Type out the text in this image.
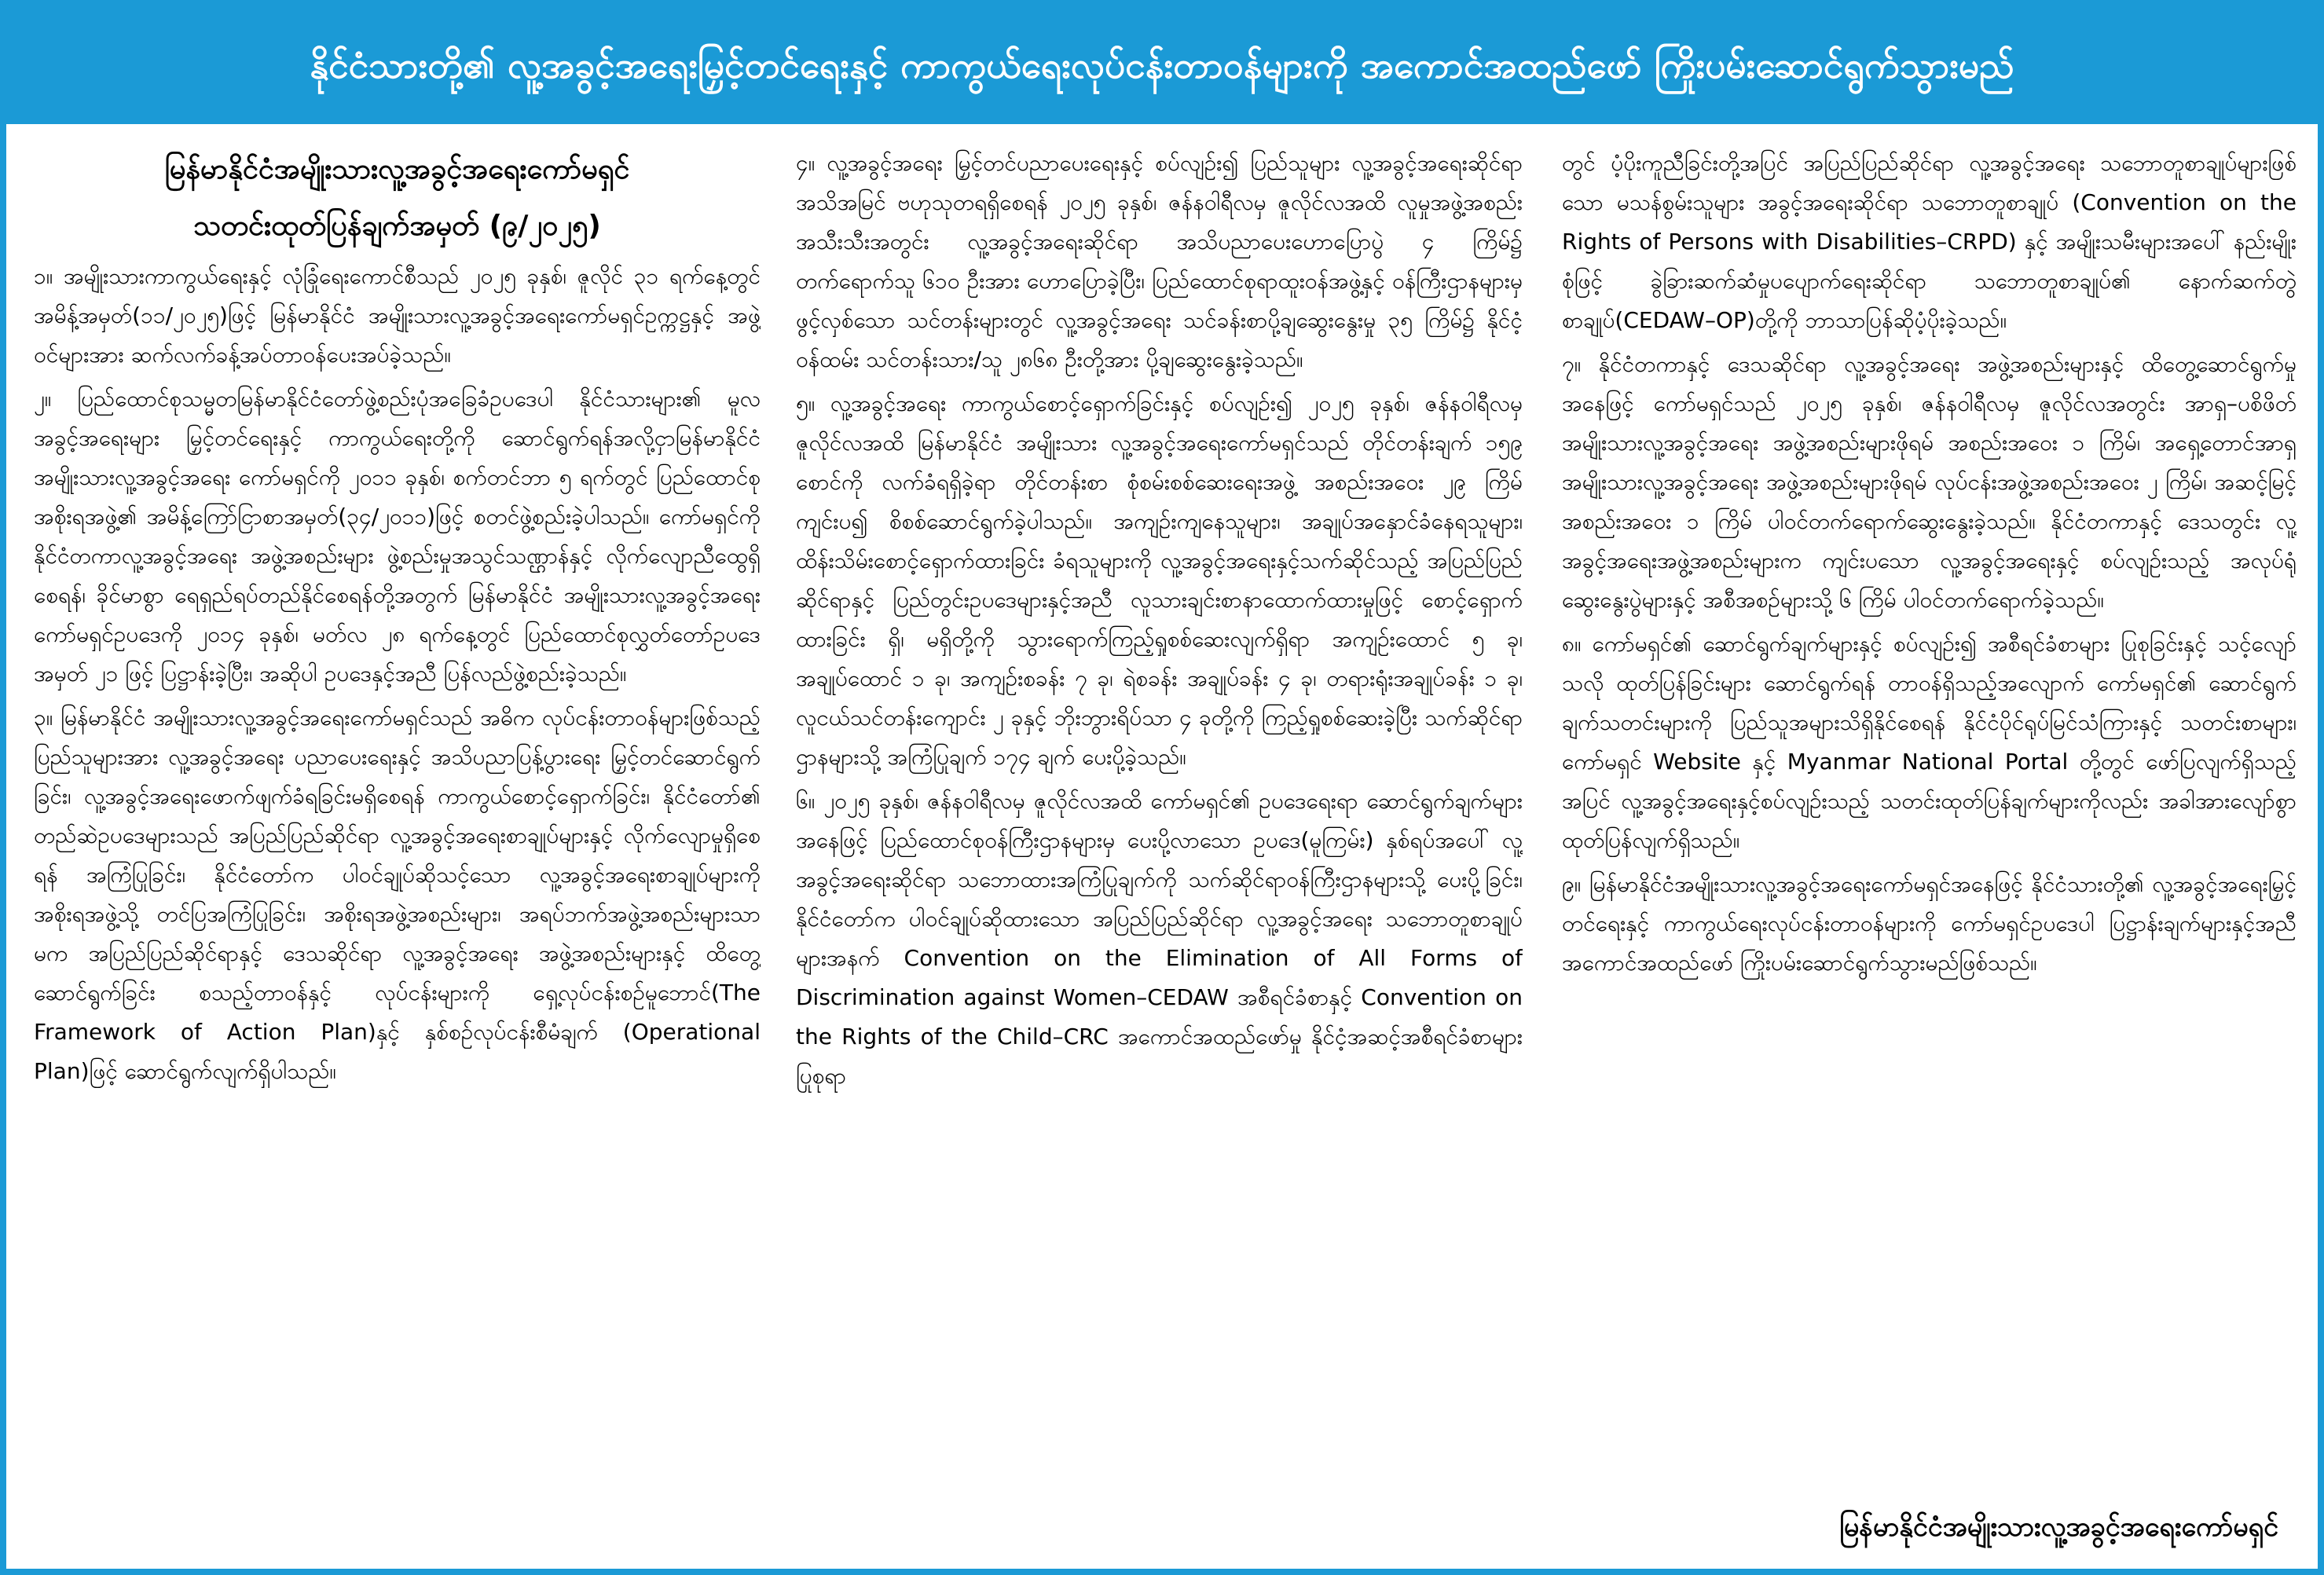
နိုင်ငံသားတို့၏ လူ့အခွင့်အရေးမြှင့်တင်ရေးနှင့် ကာကွယ်ရေးလုပ်ငန်းတာဝန်များကို အကောင်အထည်ဖော် ကြိုးပမ်းဆောင်ရွက်သွားမည်

မြန်မာနိုင်ငံအမျိုးသားလူ့အခွင့်အရေးကော်မရှင်

သတင်းထုတ်ပြန်ချက်အမှတ် (၉/၂၀၂၅)

၁။ အမျိုးသားကာကွယ်ရေးနှင့် လုံခြုံရေးကောင်စီသည် ၂၀၂၅ ခုနှစ်၊ ဇူလိုင် ၃၁ ရက်နေ့တွင် အမိန့်အမှတ်(၁၁/၂၀၂၅)ဖြင့် မြန်မာနိုင်ငံ အမျိုးသားလူ့အခွင့်အရေးကော်မရှင်ဥက္ကဋ္ဌနှင့် အဖွဲ့ဝင်များအား ဆက်လက်ခန့်အပ်တာဝန်ပေးအပ်ခဲ့သည်။

၂။ ပြည်ထောင်စုသမ္မတမြန်မာနိုင်ငံတော်ဖွဲ့စည်းပုံအခြေခံဥပဒေပါ နိုင်ငံသားများ၏ မူလအခွင့်အရေးများ မြှင့်တင်ရေးနှင့် ကာကွယ်ရေးတို့ကို ဆောင်ရွက်ရန်အလို့ငှာမြန်မာနိုင်ငံ အမျိုးသားလူ့အခွင့်အရေး ကော်မရှင်ကို ၂၀၁၁ ခုနှစ်၊ စက်တင်ဘာ ၅ ရက်တွင် ပြည်ထောင်စုအစိုးရအဖွဲ့၏ အမိန့်ကြော်ငြာစာအမှတ်(၃၄/၂၀၁၁)ဖြင့် စတင်ဖွဲ့စည်းခဲ့ပါသည်။ ကော်မရှင်ကို နိုင်ငံတကာလူ့အခွင့်အရေး အဖွဲ့အစည်းများ ဖွဲ့စည်းမှုအသွင်သဏ္ဌာန်နှင့် လိုက်လျောညီထွေရှိစေရန်၊ ခိုင်မာစွာ ရေရှည်ရပ်တည်နိုင်စေရန်တို့အတွက် မြန်မာနိုင်ငံ အမျိုးသားလူ့အခွင့်အရေး ကော်မရှင်ဥပဒေကို ၂၀၁၄ ခုနှစ်၊ မတ်လ ၂၈ ရက်နေ့တွင် ပြည်ထောင်စုလွှတ်တော်ဥပဒေအမှတ် ၂၁ ဖြင့် ပြဋ္ဌာန်းခဲ့ပြီး၊ အဆိုပါ ဥပဒေနှင့်အညီ ပြန်လည်ဖွဲ့စည်းခဲ့သည်။

၃။ မြန်မာနိုင်ငံ အမျိုးသားလူ့အခွင့်အရေးကော်မရှင်သည် အဓိက လုပ်ငန်းတာဝန်များဖြစ်သည့် ပြည်သူများအား လူ့အခွင့်အရေး ပညာပေးရေးနှင့် အသိပညာပြန့်ပွားရေး မြှင့်တင်ဆောင်ရွက်ခြင်း၊ လူ့အခွင့်အရေးဖောက်ဖျက်ခံရခြင်းမရှိစေရန် ကာကွယ်စောင့်ရှောက်ခြင်း၊ နိုင်ငံတော်၏ တည်ဆဲဥပဒေများသည် အပြည်ပြည်ဆိုင်ရာ လူ့အခွင့်အရေးစာချုပ်များနှင့် လိုက်လျောမှုရှိစေရန် အကြံပြုခြင်း၊ နိုင်ငံတော်က ပါဝင်ချုပ်ဆိုသင့်သော လူ့အခွင့်အရေးစာချုပ်များကို အစိုးရအဖွဲ့သို့ တင်ပြအကြံပြုခြင်း၊ အစိုးရအဖွဲ့အစည်းများ၊ အရပ်ဘက်အဖွဲ့အစည်းများသာမက အပြည်ပြည်ဆိုင်ရာနှင့် ဒေသဆိုင်ရာ လူ့အခွင့်အရေး အဖွဲ့အစည်းများနှင့် ထိတွေ့ဆောင်ရွက်ခြင်း စသည့်တာဝန်နှင့် လုပ်ငန်းများကို ရှေ့လုပ်ငန်းစဉ်မူဘောင်(The Framework of Action Plan)နှင့် နှစ်စဉ်လုပ်ငန်းစီမံချက် (Operational Plan)ဖြင့် ဆောင်ရွက်လျက်ရှိပါသည်။

၄။ လူ့အခွင့်အရေး မြှင့်တင်ပညာပေးရေးနှင့် စပ်လျဉ်း၍ ပြည်သူများ လူ့အခွင့်အရေးဆိုင်ရာ အသိအမြင် ဗဟုသုတရရှိစေရန် ၂၀၂၅ ခုနှစ်၊ ဇန်နဝါရီလမှ ဇူလိုင်လအထိ လူမှုအဖွဲ့အစည်းအသီးသီးအတွင်း လူ့အခွင့်အရေးဆိုင်ရာ အသိပညာပေးဟောပြောပွဲ ၄ ကြိမ်၌ တက်ရောက်သူ ၆၁၀ ဦးအား ဟောပြောခဲ့ပြီး၊ ပြည်ထောင်စုရာထူးဝန်အဖွဲ့နှင့် ဝန်ကြီးဌာနများမှ ဖွင့်လှစ်သော သင်တန်းများတွင် လူ့အခွင့်အရေး သင်ခန်းစာပို့ချဆွေးနွေးမှု ၃၅ ကြိမ်၌ နိုင်ငံ့ဝန်ထမ်း သင်တန်းသား/သူ ၂၈၆၈ ဦးတို့အား ပို့ချဆွေးနွေးခဲ့သည်။

၅။ လူ့အခွင့်အရေး ကာကွယ်စောင့်ရှောက်ခြင်းနှင့် စပ်လျဉ်း၍ ၂၀၂၅ ခုနှစ်၊ ဇန်နဝါရီလမှ ဇူလိုင်လအထိ မြန်မာနိုင်ငံ အမျိုးသား လူ့အခွင့်အရေးကော်မရှင်သည် တိုင်တန်းချက် ၁၅၉ စောင်ကို လက်ခံရရှိခဲ့ရာ တိုင်တန်းစာ စုံစမ်းစစ်ဆေးရေးအဖွဲ့ အစည်းအဝေး ၂၉ ကြိမ် ကျင်းပ၍ စိစစ်ဆောင်ရွက်ခဲ့ပါသည်။ အကျဉ်းကျနေသူများ၊ အချုပ်အနှောင်ခံနေရသူများ၊ ထိန်းသိမ်းစောင့်ရှောက်ထားခြင်း ခံရသူများကို လူ့အခွင့်အရေးနှင့်သက်ဆိုင်သည့် အပြည်ပြည်ဆိုင်ရာနှင့် ပြည်တွင်းဥပဒေများနှင့်အညီ လူသားချင်းစာနာထောက်ထားမှုဖြင့် စောင့်ရှောက်ထားခြင်း ရှိ၊ မရှိတို့ကို သွားရောက်ကြည့်ရှုစစ်ဆေးလျက်ရှိရာ အကျဉ်းထောင် ၅ ခု၊ အချုပ်ထောင် ၁ ခု၊ အကျဉ်းစခန်း ၇ ခု၊ ရဲစခန်း အချုပ်ခန်း ၄ ခု၊ တရားရုံးအချုပ်ခန်း ၁ ခု၊ လူငယ်သင်တန်းကျောင်း ၂ ခုနှင့် ဘိုးဘွားရိပ်သာ ၄ ခုတို့ကို ကြည့်ရှုစစ်ဆေးခဲ့ပြီး သက်ဆိုင်ရာဌာနများသို့ အကြံပြုချက် ၁၇၄ ချက် ပေးပို့ခဲ့သည်။

၆။ ၂၀၂၅ ခုနှစ်၊ ဇန်နဝါရီလမှ ဇူလိုင်လအထိ ကော်မရှင်၏ ဥပဒေရေးရာ ဆောင်ရွက်ချက်များအနေဖြင့် ပြည်ထောင်စုဝန်ကြီးဌာနများမှ ပေးပို့လာသော ဥပဒေ(မူကြမ်း) နှစ်ရပ်အပေါ် လူ့အခွင့်အရေးဆိုင်ရာ သဘောထားအကြံပြုချက်ကို သက်ဆိုင်ရာဝန်ကြီးဌာနများသို့ ပေးပို့ခြင်း၊ နိုင်ငံတော်က ပါဝင်ချုပ်ဆိုထားသော အပြည်ပြည်ဆိုင်ရာ လူ့အခွင့်အရေး သဘောတူစာချုပ်များအနက် Convention on the Elimination of All Forms of Discrimination against Women–CEDAW အစီရင်ခံစာနှင့် Convention on the Rights of the Child–CRC အကောင်အထည်ဖော်မှု နိုင်ငံ့အဆင့်အစီရင်ခံစာများ ပြုစုရာ

တွင် ပံ့ပိုးကူညီခြင်းတို့အပြင် အပြည်ပြည်ဆိုင်ရာ လူ့အခွင့်အရေး သဘောတူစာချုပ်များဖြစ်သော မသန်စွမ်းသူများ အခွင့်အရေးဆိုင်ရာ သဘောတူစာချုပ် (Convention on the Rights of Persons with Disabilities–CRPD) နှင့် အမျိုးသမီးများအပေါ် နည်းမျိုးစုံဖြင့် ခွဲခြားဆက်ဆံမှုပပျောက်ရေးဆိုင်ရာ သဘောတူစာချုပ်၏ နောက်ဆက်တွဲစာချုပ်(CEDAW–OP)တို့ကို ဘာသာပြန်ဆိုပံ့ပိုးခဲ့သည်။

၇။ နိုင်ငံတကာနှင့် ဒေသဆိုင်ရာ လူ့အခွင့်အရေး အဖွဲ့အစည်းများနှင့် ထိတွေ့ဆောင်ရွက်မှုအနေဖြင့် ကော်မရှင်သည် ၂၀၂၅ ခုနှစ်၊ ဇန်နဝါရီလမှ ဇူလိုင်လအတွင်း အာရှ–ပစိဖိတ် အမျိုးသားလူ့အခွင့်အရေး အဖွဲ့အစည်းများဖိုရမ် အစည်းအဝေး ၁ ကြိမ်၊ အရှေ့တောင်အာရှ အမျိုးသားလူ့အခွင့်အရေး အဖွဲ့အစည်းများဖိုရမ် လုပ်ငန်းအဖွဲ့အစည်းအဝေး ၂ ကြိမ်၊ အဆင့်မြင့်အစည်းအဝေး ၁ ကြိမ် ပါဝင်တက်ရောက်ဆွေးနွေးခဲ့သည်။ နိုင်ငံတကာနှင့် ဒေသတွင်း လူ့အခွင့်အရေးအဖွဲ့အစည်းများက ကျင်းပသော လူ့အခွင့်အရေးနှင့် စပ်လျဉ်းသည့် အလုပ်ရုံဆွေးနွေးပွဲများနှင့် အစီအစဉ်များသို့ ၆ ကြိမ် ပါဝင်တက်ရောက်ခဲ့သည်။

၈။ ကော်မရှင်၏ ဆောင်ရွက်ချက်များနှင့် စပ်လျဉ်း၍ အစီရင်ခံစာများ ပြုစုခြင်းနှင့် သင့်လျော်သလို ထုတ်ပြန်ခြင်းများ ဆောင်ရွက်ရန် တာဝန်ရှိသည့်အလျောက် ကော်မရှင်၏ ဆောင်ရွက်ချက်သတင်းများကို ပြည်သူအများသိရှိနိုင်စေရန် နိုင်ငံပိုင်ရုပ်မြင်သံကြားနှင့် သတင်းစာများ၊ ကော်မရှင် Website နှင့် Myanmar National Portal တို့တွင် ဖော်ပြလျက်ရှိသည့်အပြင် လူ့အခွင့်အရေးနှင့်စပ်လျဉ်းသည့် သတင်းထုတ်ပြန်ချက်များကိုလည်း အခါအားလျော်စွာ ထုတ်ပြန်လျက်ရှိသည်။

၉။ မြန်မာနိုင်ငံအမျိုးသားလူ့အခွင့်အရေးကော်မရှင်အနေဖြင့် နိုင်ငံသားတို့၏ လူ့အခွင့်အရေးမြှင့်တင်ရေးနှင့် ကာကွယ်ရေးလုပ်ငန်းတာဝန်များကို ကော်မရှင်ဥပဒေပါ ပြဋ္ဌာန်းချက်များနှင့်အညီ အကောင်အထည်ဖော် ကြိုးပမ်းဆောင်ရွက်သွားမည်ဖြစ်သည်။

မြန်မာနိုင်ငံအမျိုးသားလူ့အခွင့်အရေးကော်မရှင်
